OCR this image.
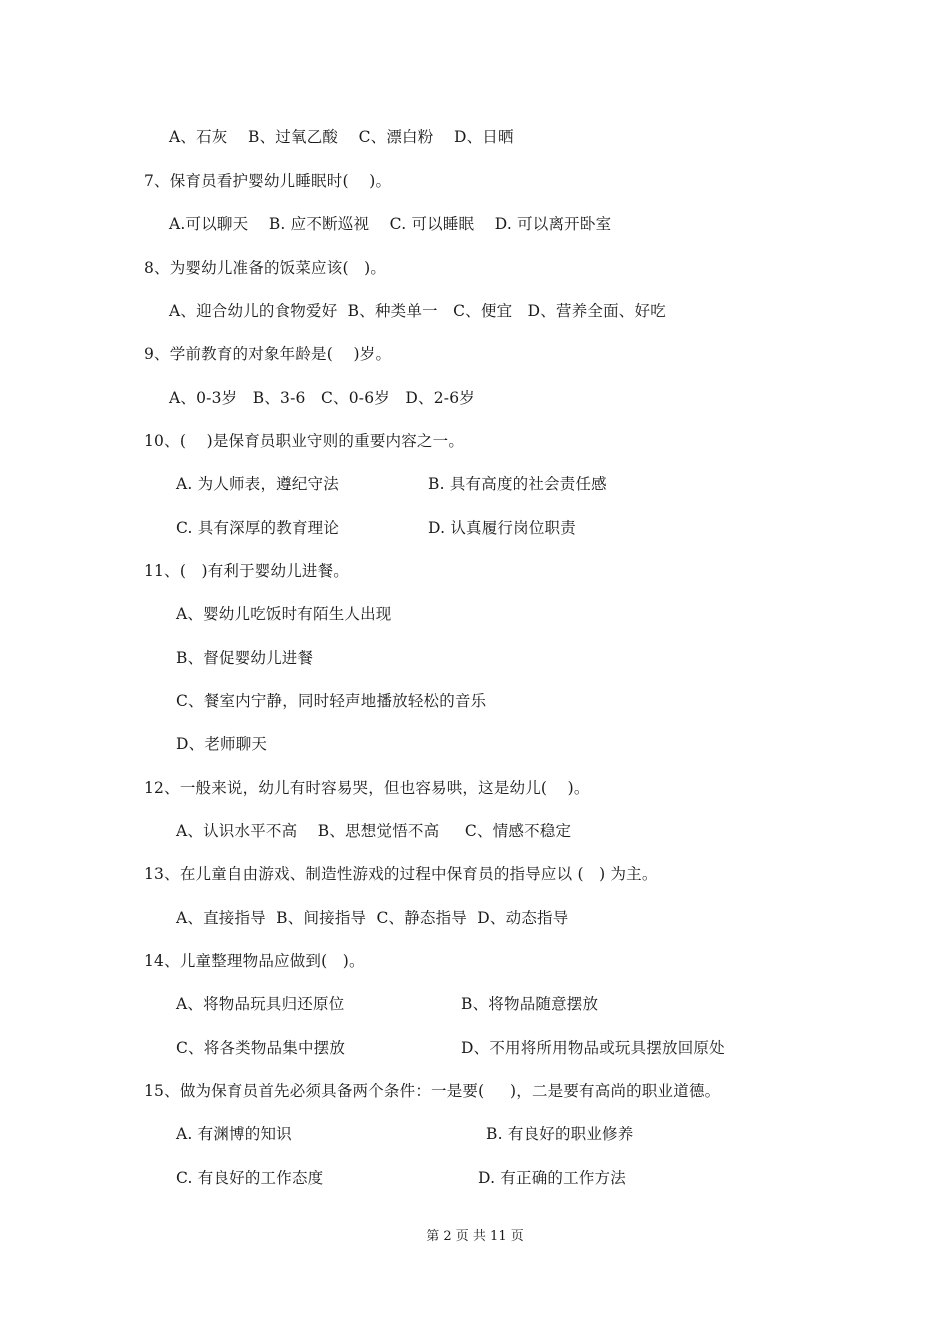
A、石灰    B、过氧乙酸    C、漂白粉    D、日晒
7、保育员看护婴幼儿睡眠时(    )。
A.可以聊天    B. 应不断巡视    C. 可以睡眠    D. 可以离开卧室
8、为婴幼儿准备的饭菜应该(   )。
A、迎合幼儿的食物爱好  B、种类单一   C、便宜   D、营养全面、好吃
9、学前教育的对象年龄是(    )岁。
A、0-3岁   B、3-6   C、0-6岁   D、2-6岁
10、(    )是保育员职业守则的重要内容之一。
A. 为人师表，遵纪守法	B. 具有高度的社会责任感
C. 具有深厚的教育理论	D. 认真履行岗位职责
11、(   )有利于婴幼儿进餐。
A、婴幼儿吃饭时有陌生人出现
B、督促婴幼儿进餐
C、餐室内宁静，同时轻声地播放轻松的音乐
D、老师聊天
12、一般来说，幼儿有时容易哭，但也容易哄，这是幼儿(    )。
A、认识水平不高    B、思想觉悟不高     C、情感不稳定
13、在儿童自由游戏、制造性游戏的过程中保育员的指导应以 (   ) 为主。
A、直接指导  B、间接指导  C、静态指导  D、动态指导
14、儿童整理物品应做到(   )。
A、将物品玩具归还原位	B、将物品随意摆放
C、将各类物品集中摆放	D、不用将所用物品或玩具摆放回原处
15、做为保育员首先必须具备两个条件：一是要(     )，二是要有高尚的职业道德。
A. 有渊博的知识	B. 有良好的职业修养
C. 有良好的工作态度	D. 有正确的工作方法
第 2 页 共 11 页
